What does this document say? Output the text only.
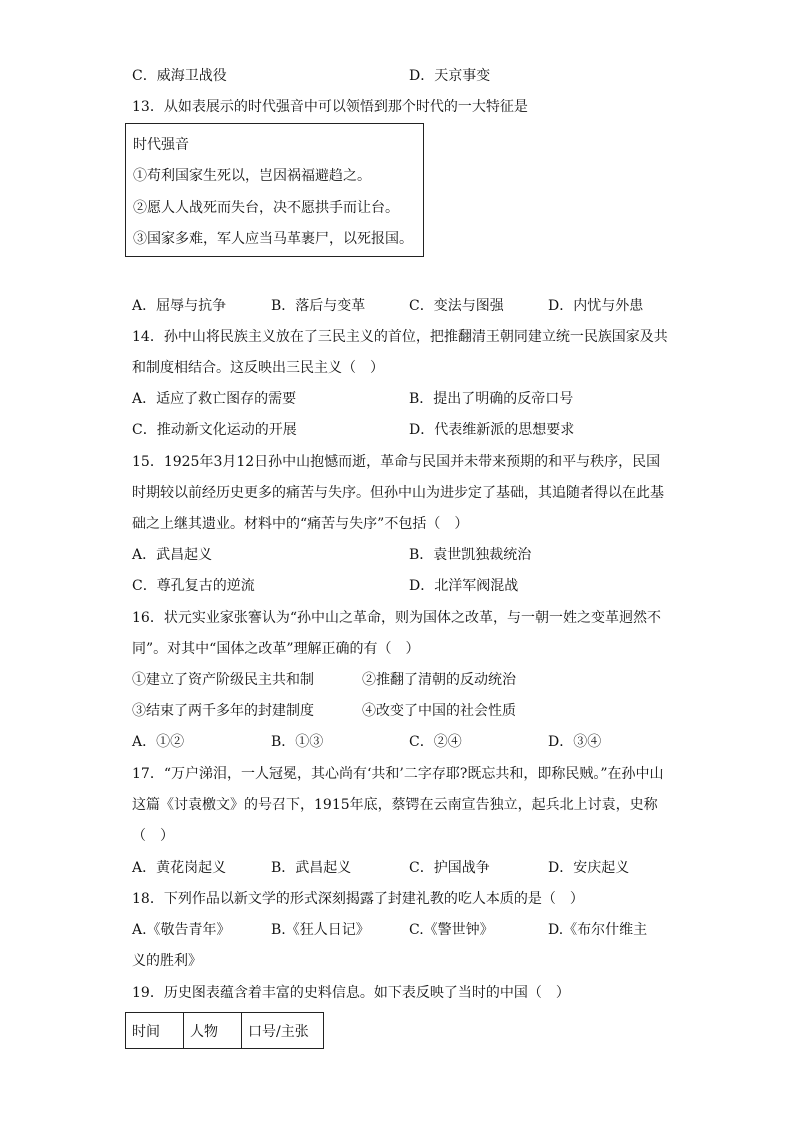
C．威海卫战役	D．天京事变
13．从如表展示的时代强音中可以领悟到那个时代的一大特征是
时代强音
①苟利国家生死以，岂因祸福避趋之。
②愿人人战死而失台，决不愿拱手而让台。
③国家多难，军人应当马革裹尸，以死报国。
A．屈辱与抗争	B．落后与变革	C．变法与图强	D．内忧与外患
14．孙中山将民族主义放在了三民主义的首位，把推翻清王朝同建立统一民族国家及共
和制度相结合。这反映出三民主义（　）
A．适应了救亡图存的需要	B．提出了明确的反帝口号
C．推动新文化运动的开展	D．代表维新派的思想要求
15．1925年3月12日孙中山抱憾而逝，革命与民国并未带来预期的和平与秩序，民国
时期较以前经历史更多的痛苦与失序。但孙中山为进步定了基础，其追随者得以在此基
础之上继其遗业。材料中的“痛苦与失序”不包括（　）
A．武昌起义	B．袁世凯独裁统治
C．尊孔复古的逆流	D．北洋军阀混战
16．状元实业家张謇认为“孙中山之革命，则为国体之改革，与一朝一姓之变革迥然不
同”。对其中“国体之改革”理解正确的有（　）
①建立了资产阶级民主共和制	②推翻了清朝的反动统治
③结束了两千多年的封建制度	④改变了中国的社会性质
A．①②	B．①③	C．②④	D．③④
17．“万户涕泪，一人冠冕，其心尚有‘共和’二字存耶?既忘共和，即称民贼。”在孙中山
这篇《讨袁檄文》的号召下，1915年底，蔡锷在云南宣告独立，起兵北上讨袁，史称
（　）
A．黄花岗起义	B．武昌起义	C．护国战争	D．安庆起义
18．下列作品以新文学的形式深刻揭露了封建礼教的吃人本质的是（　）
A.《敬告青年》	B.《狂人日记》	C.《警世钟》	D.《布尔什维主
义的胜利》
19．历史图表蕴含着丰富的史料信息。如下表反映了当时的中国（　）
时间	人物	口号/主张
